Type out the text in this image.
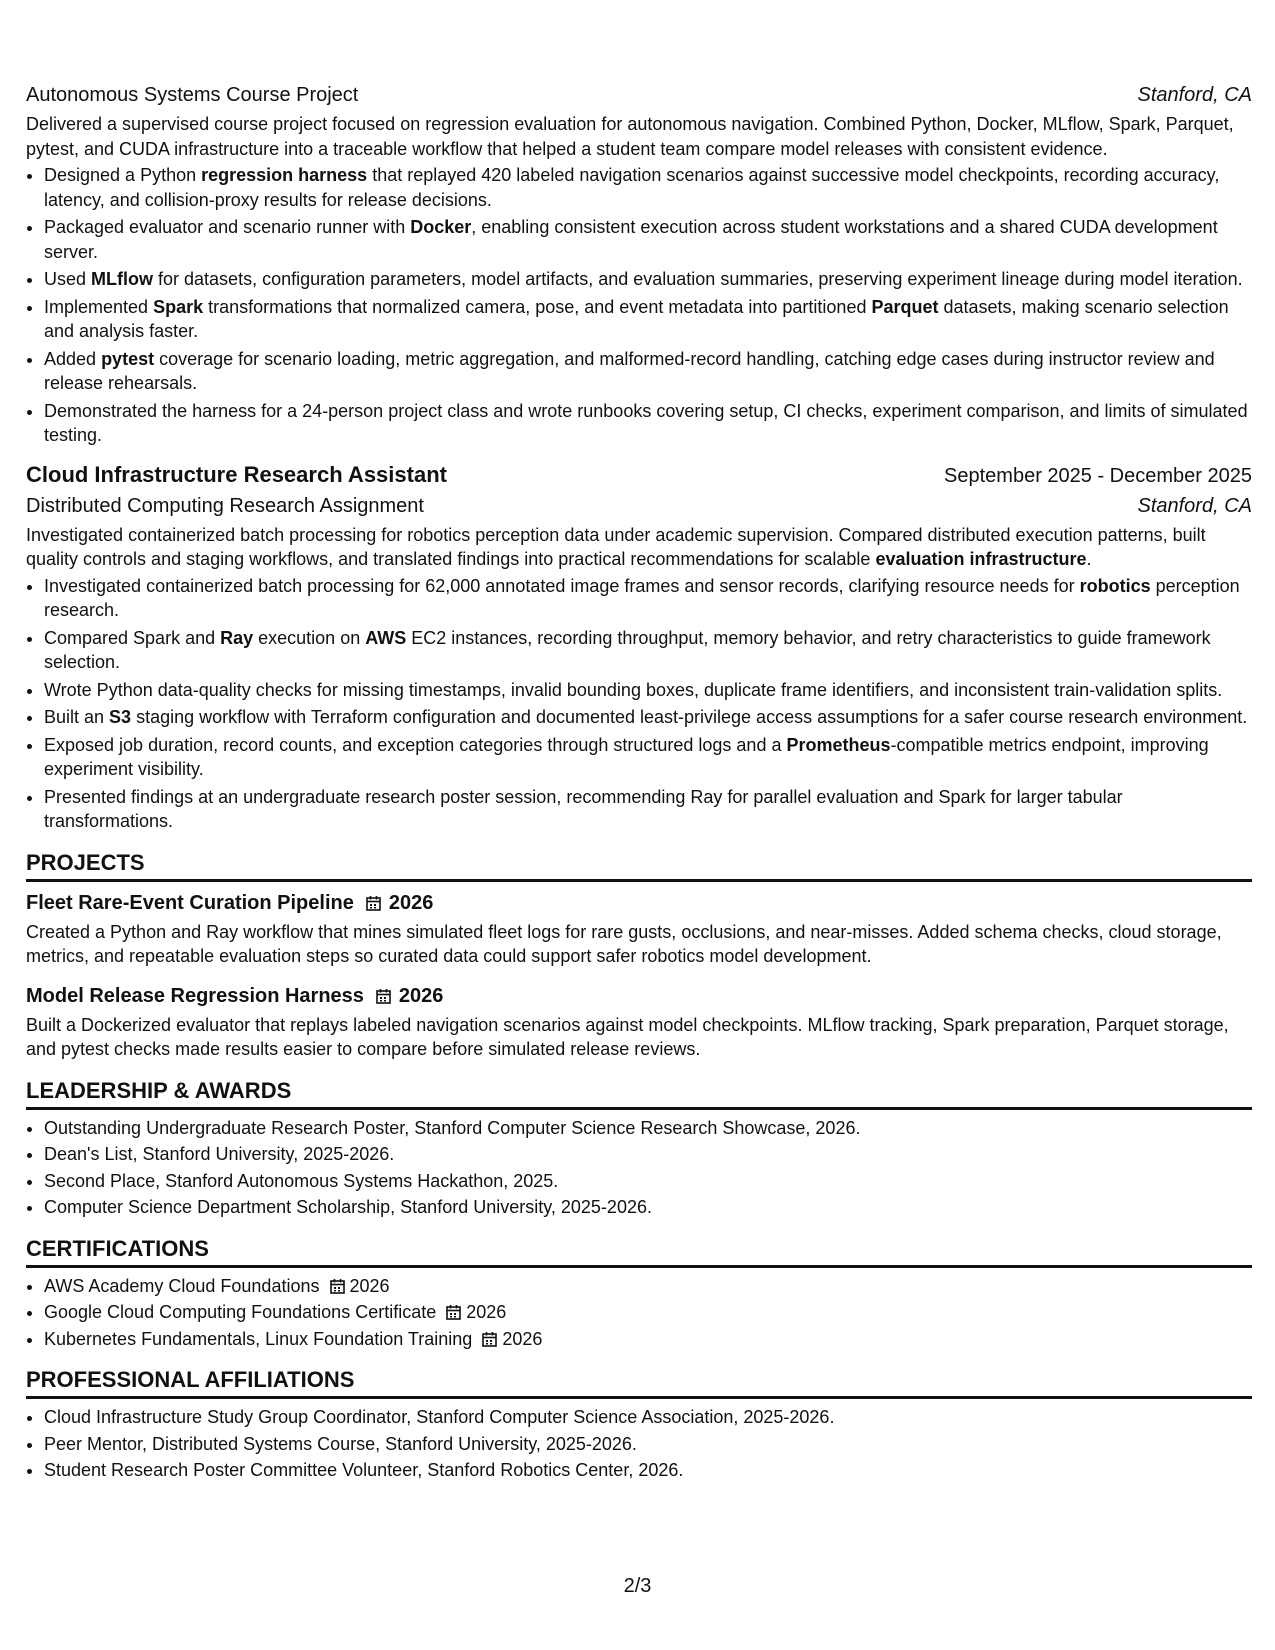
Autonomous Systems Course Project	Stanford, CA

Delivered a supervised course project focused on regression evaluation for autonomous navigation. Combined Python, Docker, MLflow, Spark, Parquet, pytest, and CUDA infrastructure into a traceable workflow that helped a student team compare model releases with consistent evidence.

• Designed a Python regression harness that replayed 420 labeled navigation scenarios against successive model checkpoints, recording accuracy, latency, and collision-proxy results for release decisions.
• Packaged evaluator and scenario runner with Docker, enabling consistent execution across student workstations and a shared CUDA development server.
• Used MLflow for datasets, configuration parameters, model artifacts, and evaluation summaries, preserving experiment lineage during model iteration.
• Implemented Spark transformations that normalized camera, pose, and event metadata into partitioned Parquet datasets, making scenario selection and analysis faster.
• Added pytest coverage for scenario loading, metric aggregation, and malformed-record handling, catching edge cases during instructor review and release rehearsals.
• Demonstrated the harness for a 24-person project class and wrote runbooks covering setup, CI checks, experiment comparison, and limits of simulated testing.
Cloud Infrastructure Research Assistant	September 2025 - December 2025
Distributed Computing Research Assignment	Stanford, CA

Investigated containerized batch processing for robotics perception data under academic supervision. Compared distributed execution patterns, built quality controls and staging workflows, and translated findings into practical recommendations for scalable evaluation infrastructure.

• Investigated containerized batch processing for 62,000 annotated image frames and sensor records, clarifying resource needs for robotics perception research.
• Compared Spark and Ray execution on AWS EC2 instances, recording throughput, memory behavior, and retry characteristics to guide framework selection.
• Wrote Python data-quality checks for missing timestamps, invalid bounding boxes, duplicate frame identifiers, and inconsistent train-validation splits.
• Built an S3 staging workflow with Terraform configuration and documented least-privilege access assumptions for a safer course research environment.
• Exposed job duration, record counts, and exception categories through structured logs and a Prometheus-compatible metrics endpoint, improving experiment visibility.
• Presented findings at an undergraduate research poster session, recommending Ray for parallel evaluation and Spark for larger tabular transformations.
PROJECTS
Fleet Rare-Event Curation Pipeline 2026

Created a Python and Ray workflow that mines simulated fleet logs for rare gusts, occlusions, and near-misses. Added schema checks, cloud storage, metrics, and repeatable evaluation steps so curated data could support safer robotics model development.

Model Release Regression Harness 2026

Built a Dockerized evaluator that replays labeled navigation scenarios against model checkpoints. MLflow tracking, Spark preparation, Parquet storage, and pytest checks made results easier to compare before simulated release reviews.

LEADERSHIP & AWARDS
• Outstanding Undergraduate Research Poster, Stanford Computer Science Research Showcase, 2026.
• Dean's List, Stanford University, 2025-2026.
• Second Place, Stanford Autonomous Systems Hackathon, 2025.
• Computer Science Department Scholarship, Stanford University, 2025-2026.
CERTIFICATIONS
• AWS Academy Cloud Foundations 2026
• Google Cloud Computing Foundations Certificate 2026
• Kubernetes Fundamentals, Linux Foundation Training 2026
PROFESSIONAL AFFILIATIONS
• Cloud Infrastructure Study Group Coordinator, Stanford Computer Science Association, 2025-2026.
• Peer Mentor, Distributed Systems Course, Stanford University, 2025-2026.
• Student Research Poster Committee Volunteer, Stanford Robotics Center, 2026.
2/3
